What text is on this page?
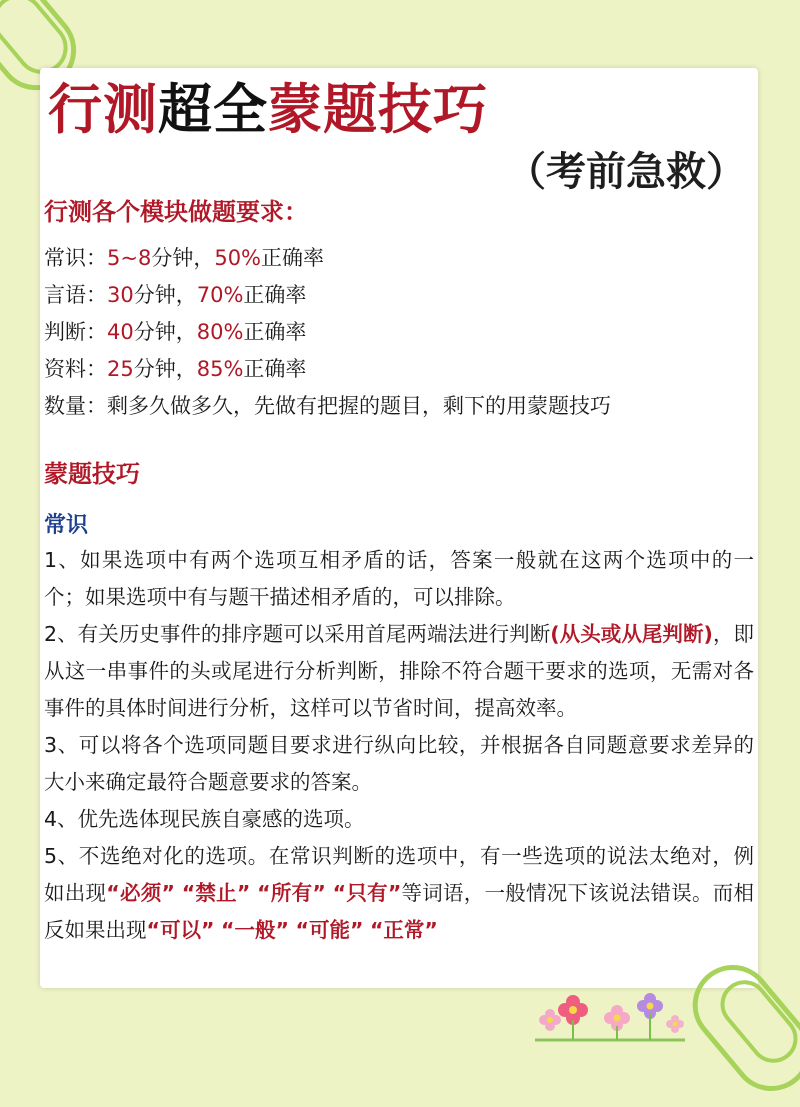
行测超全蒙题技巧
（考前急救）
行测各个模块做题要求：
常识：5~8分钟，50%正确率
言语：30分钟，70%正确率
判断：40分钟，80%正确率
资料：25分钟，85%正确率
数量：剩多久做多久，先做有把握的题目，剩下的用蒙题技巧
蒙题技巧
常识

1、如果选项中有两个选项互相矛盾的话，答案一般就在这两个选项中的一个；如果选项中有与题干描述相矛盾的，可以排除。

2、有关历史事件的排序题可以采用首尾两端法进行判断(从头或从尾判断)，即从这一串事件的头或尾进行分析判断，排除不符合题干要求的选项，无需对各事件的具体时间进行分析，这样可以节省时间，提高效率。

3、可以将各个选项同题目要求进行纵向比较，并根据各自同题意要求差异的大小来确定最符合题意要求的答案。

4、优先选体现民族自豪感的选项。

5、不选绝对化的选项。在常识判断的选项中，有一些选项的说法太绝对，例如出现“必须” “禁止” “所有” “只有”等词语，一般情况下该说法错误。而相反如果出现“可以” “一般” “可能” “正常”
